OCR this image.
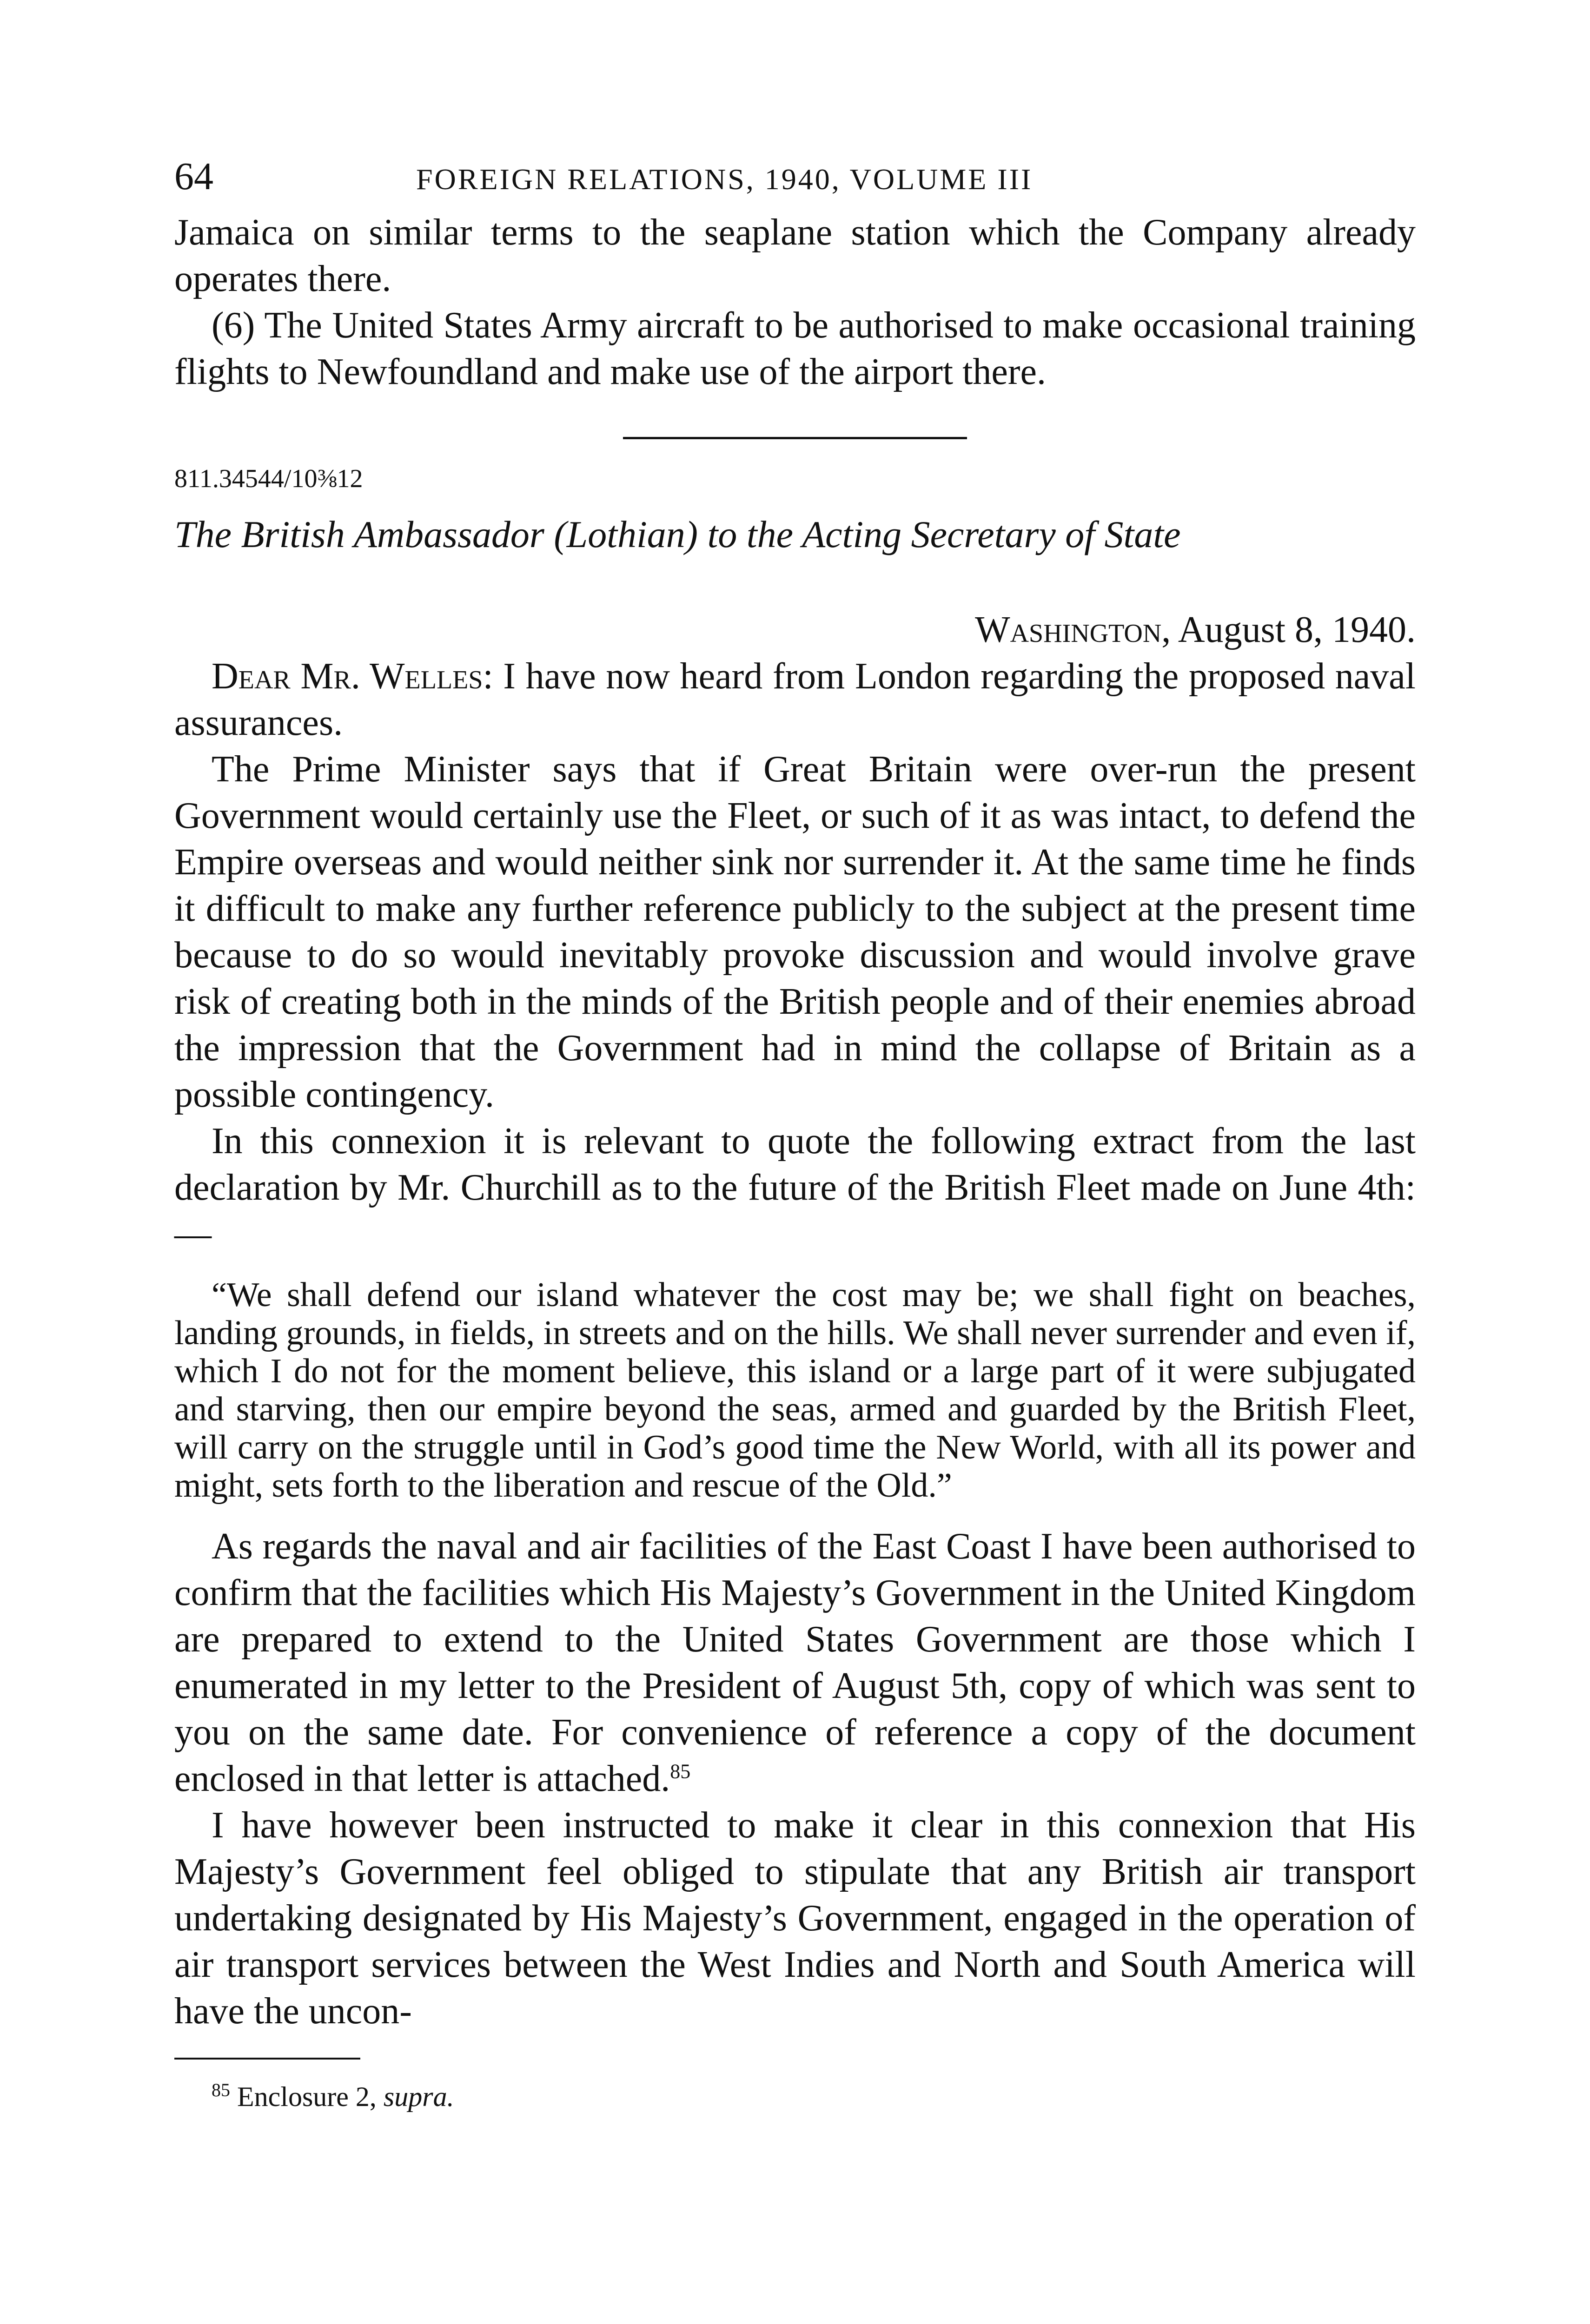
64	FOREIGN RELATIONS, 1940, VOLUME III

Jamaica on similar terms to the seaplane station which the Company already operates there.

(6) The United States Army aircraft to be authorised to make occasional training flights to Newfoundland and make use of the airport there.

811.34544/10⅜12
The British Ambassador (Lothian) to the Acting Secretary of State
Washington, August 8, 1940.

Dear Mr. Welles: I have now heard from London regarding the proposed naval assurances.

The Prime Minister says that if Great Britain were over-run the present Government would certainly use the Fleet, or such of it as was intact, to defend the Empire overseas and would neither sink nor surrender it. At the same time he finds it difficult to make any further reference publicly to the subject at the present time because to do so would inevitably provoke discussion and would involve grave risk of creating both in the minds of the British people and of their enemies abroad the impression that the Government had in mind the collapse of Britain as a possible contingency.

In this connexion it is relevant to quote the following extract from the last declaration by Mr. Churchill as to the future of the British Fleet made on June 4th:—

“We shall defend our island whatever the cost may be; we shall fight on beaches, landing grounds, in fields, in streets and on the hills. We shall never surrender and even if, which I do not for the moment believe, this island or a large part of it were subjugated and starving, then our empire beyond the seas, armed and guarded by the British Fleet, will carry on the struggle until in God’s good time the New World, with all its power and might, sets forth to the liberation and rescue of the Old.”

As regards the naval and air facilities of the East Coast I have been authorised to confirm that the facilities which His Majesty’s Government in the United Kingdom are prepared to extend to the United States Government are those which I enumerated in my letter to the President of August 5th, copy of which was sent to you on the same date. For convenience of reference a copy of the document enclosed in that letter is attached.$^{85}$

I have however been instructed to make it clear in this connexion that His Majesty’s Government feel obliged to stipulate that any British air transport undertaking designated by His Majesty’s Government, engaged in the operation of air transport services between the West Indies and North and South America will have the uncon-

$^{85}$ Enclosure 2, supra.
